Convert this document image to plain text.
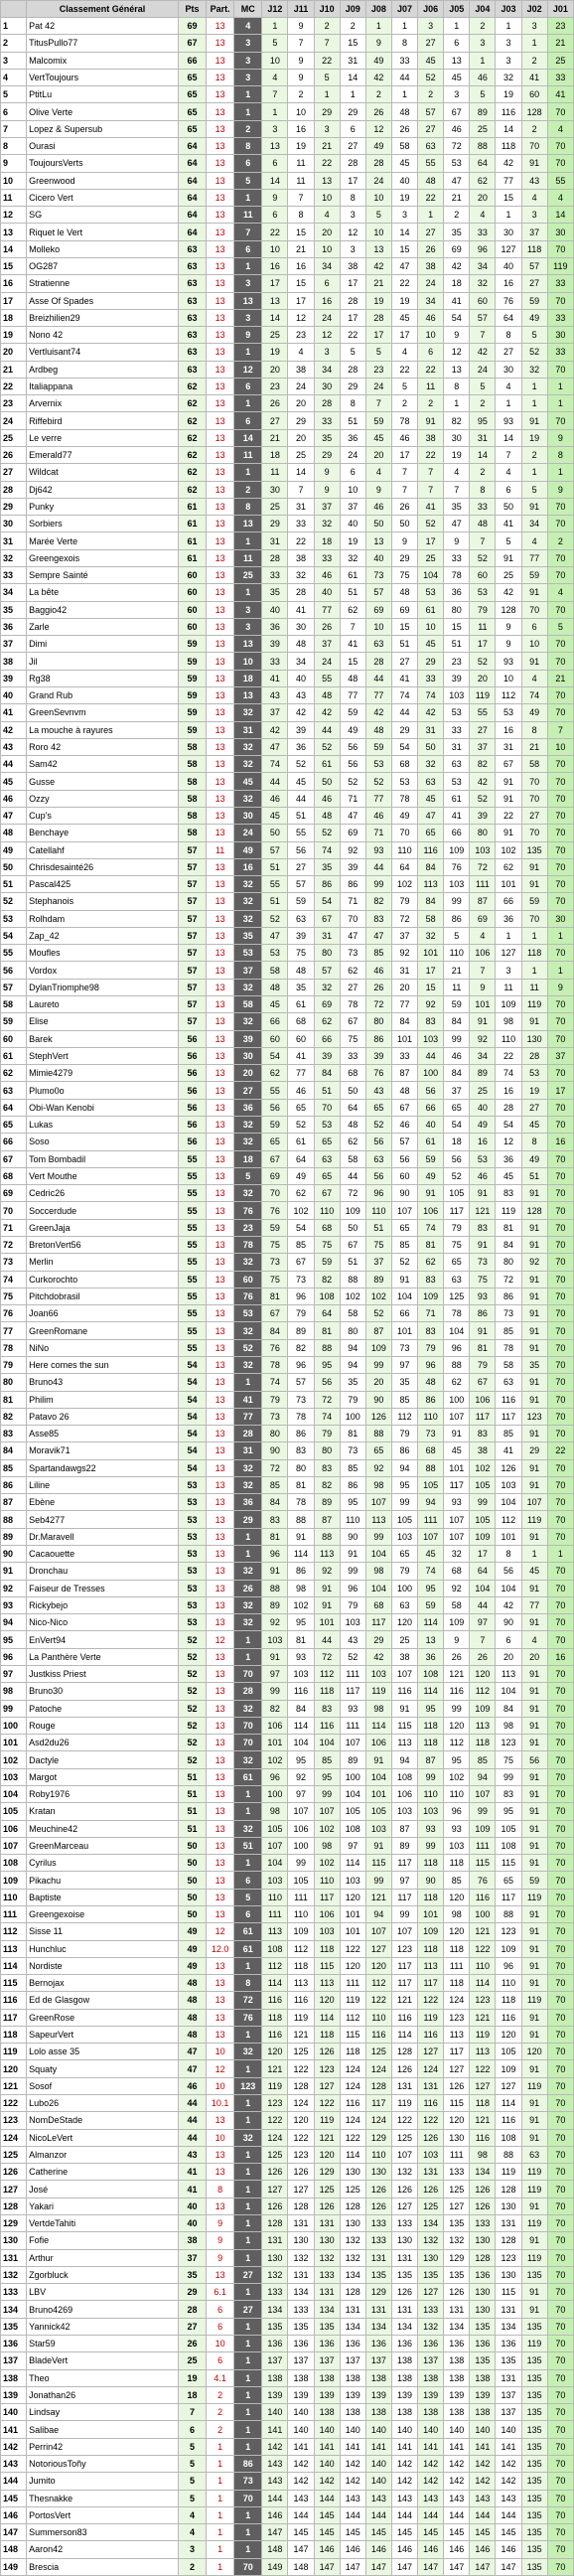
	Classement Général	Pts	Part.	MC	J12	J11	J10	J09	J08	J07	J06	J05	J04	J03	J02	J01
1	Pat 42	69	13	4	1	9	2	2	1	1	3	1	2	1	3	23
2	TitusPullo77	67	13	3	5	7	7	15	9	8	27	6	3	3	1	21
3	Malcomix	66	13	3	10	9	22	31	49	33	45	13	1	3	2	25
4	VertToujours	65	13	3	4	9	5	14	42	44	52	45	46	32	41	33
5	PtitLu	65	13	1	7	2	1	1	2	1	2	3	5	19	60	41
6	Olive Verte	65	13	1	1	10	29	29	26	48	57	67	89	116	128	70
7	Lopez & Supersub	65	13	2	3	16	3	6	12	26	27	46	25	14	2	4
8	Ourasi	64	13	8	13	19	21	27	49	58	63	72	88	118	70	70
9	ToujoursVerts	64	13	6	6	11	22	28	28	45	55	53	64	42	91	70
10	Greenwood	64	13	5	14	11	13	17	24	40	48	47	62	77	43	55
11	Cicero Vert	64	13	1	9	7	10	8	10	19	22	21	20	15	4	4
12	SG	64	13	11	6	8	4	3	5	3	1	2	4	1	3	14
13	Riquet le Vert	64	13	7	22	15	20	12	10	14	27	35	33	30	37	30
14	Molleko	63	13	6	10	21	10	3	13	15	26	69	96	127	118	70
15	OG287	63	13	1	16	16	34	38	42	47	38	42	34	40	57	119
16	Stratienne	63	13	3	17	15	6	17	21	22	24	18	32	16	27	33
17	Asse Of Spades	63	13	13	13	17	16	28	19	19	34	41	60	76	59	70
18	Breizhilien29	63	13	3	14	12	24	17	28	45	46	54	57	64	49	33
19	Nono 42	63	13	9	25	23	12	22	17	17	10	9	7	8	5	30
20	Vertluisant74	63	13	1	19	4	3	5	5	4	6	12	42	27	52	33
21	Ardbeg	63	13	12	20	38	34	28	23	22	22	13	24	30	32	70
22	Italiappana	62	13	6	23	24	30	29	24	5	11	8	5	4	1	1
23	Arvernix	62	13	1	26	20	28	8	7	2	2	1	2	1	1	1
24	Riffebird	62	13	6	27	29	33	51	59	78	91	82	95	93	91	70
25	Le verre	62	13	14	21	20	35	36	45	46	38	30	31	14	19	9
26	Emerald77	62	13	11	18	25	29	24	20	17	22	19	14	7	2	8
27	Wildcat	62	13	1	11	14	9	6	4	7	7	4	2	4	1	1
28	Dj642	62	13	2	30	7	9	10	9	7	7	7	8	6	5	9
29	Punky	61	13	8	25	31	37	37	46	26	41	35	33	50	91	70
30	Sorbiers	61	13	13	29	33	32	40	50	50	52	47	48	41	34	70
31	Marée Verte	61	13	1	31	22	18	19	13	9	17	9	7	5	4	2
32	Greengexois	61	13	11	28	38	33	32	40	29	25	33	52	91	77	70
33	Sempre Sainté	60	13	25	33	32	46	61	73	75	104	78	60	25	59	70
34	La bête	60	13	1	35	28	40	51	57	48	53	36	53	42	91	4
35	Baggio42	60	13	3	40	41	77	62	69	69	61	80	79	128	70	70
36	Zarle	60	13	3	36	30	26	7	10	15	10	15	11	9	6	5
37	Dimi	59	13	13	39	48	37	41	63	51	45	51	17	9	10	70
38	Jil	59	13	10	33	34	24	15	28	27	29	23	52	93	91	70
39	Rg38	59	13	18	41	40	55	48	44	41	33	39	20	10	4	21
40	Grand Rub	59	13	13	43	43	48	77	77	74	74	103	119	112	74	70
41	GreenSevnvm	59	13	32	37	42	42	59	42	44	42	53	55	53	49	70
42	La mouche à rayures	59	13	31	42	39	44	49	48	29	31	33	27	16	8	7
43	Roro 42	58	13	32	47	36	52	56	59	54	50	31	37	31	21	10
44	Sam42	58	13	32	74	52	61	56	53	68	32	63	82	67	58	70
45	Gusse	58	13	45	44	45	50	52	52	53	63	53	42	91	70	70
46	Ozzy	58	13	32	46	44	46	71	77	78	45	61	52	91	70	70
47	Cup's	58	13	30	45	51	48	47	46	49	47	41	39	22	27	70
48	Benchaye	58	13	24	50	55	52	69	71	70	65	66	80	91	70	70
49	Catellahf	57	11	49	57	56	74	92	93	110	116	109	103	102	135	70
50	Chrisdesainté26	57	13	16	51	27	35	39	44	64	84	76	72	62	91	70
51	Pascal425	57	13	32	55	57	86	86	99	102	113	103	111	101	91	70
52	Stephanois	57	13	32	51	59	54	71	82	79	84	99	87	66	59	70
53	Rolhdam	57	13	32	52	63	67	70	83	72	58	86	69	36	70	30
54	Zap_42	57	13	35	47	39	31	47	47	37	32	5	4	1	1	1
55	Moufles	57	13	53	53	75	80	73	85	92	101	110	106	127	118	70
56	Vordox	57	13	37	58	48	57	62	46	31	17	21	7	3	1	1
57	DylanTriomphe98	57	13	32	48	35	32	27	26	20	15	11	9	11	11	9
58	Laureto	57	13	58	45	61	69	78	72	77	92	59	101	109	119	70
59	Elise	57	13	32	66	68	62	67	80	84	83	84	91	98	91	70
60	Barek	56	13	39	60	60	66	75	86	101	103	99	92	110	130	70
61	StephVert	56	13	30	54	41	39	33	39	33	44	46	34	22	28	37
62	Mimie4279	56	13	20	62	77	84	68	76	87	100	84	89	74	53	70
63	Plumo0o	56	13	27	55	46	51	50	43	48	56	37	25	16	19	17
64	Obi-Wan Kenobi	56	13	36	56	65	70	64	65	67	66	65	40	28	27	70
65	Lukas	56	13	32	59	52	53	48	52	46	40	54	49	54	45	70
66	Soso	56	13	32	65	61	65	62	56	57	61	18	16	12	8	16
67	Tom Bombadil	55	13	18	67	64	63	58	63	56	59	56	53	36	49	70
68	Vert Mouthe	55	13	5	69	49	65	44	56	60	49	52	46	45	51	70
69	Cedric26	55	13	32	70	62	67	72	96	90	91	105	91	83	91	70
70	Soccerdude	55	13	76	76	102	110	109	110	107	106	117	121	119	128	70
71	GreenJaja	55	13	23	59	54	68	50	51	65	74	79	83	81	91	70
72	BretonVert56	55	13	78	75	85	75	67	75	85	81	75	91	84	91	70
73	Merlin	55	13	32	73	67	59	51	37	52	62	65	73	80	92	70
74	Curkorochto	55	13	60	75	73	82	88	89	91	83	63	75	72	91	70
75	Pitchdobrasil	55	13	76	81	96	108	102	102	104	109	125	93	86	91	70
76	Joan66	55	13	53	67	79	64	58	52	66	71	78	86	73	91	70
77	GreenRomane	55	13	32	84	89	81	80	87	101	83	104	91	85	91	70
78	NiNo	55	13	52	76	82	88	94	109	73	79	96	81	78	91	70
79	Here comes the sun	54	13	32	78	96	95	94	99	97	96	88	79	58	35	70
80	Bruno43	54	13	1	74	57	56	35	20	35	48	62	67	63	91	70
81	Philim	54	13	41	79	73	72	79	90	85	86	100	106	116	91	70
82	Patavo 26	54	13	77	73	78	74	100	126	112	110	107	117	117	123	70
83	Asse85	54	13	28	80	86	79	81	88	79	73	91	83	85	91	70
84	Moravik71	54	13	31	90	83	80	73	65	86	68	45	38	41	29	22
85	Spartandawgs22	54	13	32	72	80	83	85	92	94	88	101	102	126	91	70
86	Liline	53	13	32	85	81	82	86	98	95	105	117	105	103	91	70
87	Ebène	53	13	36	84	78	89	95	107	99	94	93	99	104	107	70
88	Seb4277	53	13	29	83	88	87	110	113	105	111	107	105	112	119	70
89	Dr.Maravell	53	13	1	81	91	88	90	99	103	107	107	109	101	91	70
90	Cacaouette	53	13	1	96	114	113	91	104	65	45	32	17	8	1	1
91	Dronchau	53	13	32	91	86	92	99	98	79	74	68	64	56	45	70
92	Faiseur de Tresses	53	13	26	88	98	91	96	104	100	95	92	104	104	91	70
93	Rickybejo	53	13	32	89	102	91	79	68	63	59	58	44	42	77	70
94	Nico-Nico	53	13	32	92	95	101	103	117	120	114	109	97	90	91	70
95	EnVert94	52	12	1	103	81	44	43	29	25	13	9	7	6	4	70
96	La Panthère Verte	52	13	1	91	93	72	52	42	38	36	26	26	20	20	16
97	Justkiss Priest	52	13	70	97	103	112	111	103	107	108	121	120	113	91	70
98	Bruno30	52	13	28	99	116	118	117	119	116	114	116	112	104	91	70
99	Patoche	52	13	32	82	84	83	93	98	91	95	99	109	84	91	70
100	Rouge	52	13	70	106	114	116	111	114	115	118	120	113	98	91	70
101	Asd2du26	52	13	70	101	104	104	107	106	113	118	112	118	123	91	70
102	Dactyle	52	13	32	102	95	85	89	91	94	87	95	85	75	56	70
103	Margot	51	13	61	96	92	95	100	104	108	99	102	94	99	91	70
104	Roby1976	51	13	1	100	97	99	104	101	106	110	110	107	83	91	70
105	Kratan	51	13	1	98	107	107	105	105	103	103	96	99	95	91	70
106	Meuchine42	51	13	32	105	106	102	108	103	87	93	93	109	105	91	70
107	GreenMarceau	50	13	51	107	100	98	97	91	89	99	103	111	108	91	70
108	Cyrilus	50	13	1	104	99	102	114	115	117	118	118	115	115	91	70
109	Pikachu	50	13	6	103	105	110	103	99	97	90	85	76	65	59	70
110	Baptiste	50	13	5	110	111	117	120	121	117	118	120	116	117	119	70
111	Greengexoise	50	13	6	111	110	106	101	94	99	101	98	100	88	91	70
112	Sisse 11	49	12	61	113	109	103	101	107	107	109	120	121	123	91	70
113	Hunchluc	49	12.0	61	108	112	118	122	127	123	118	118	122	109	91	70
114	Nordiste	49	13	1	112	118	115	120	120	117	113	111	110	96	91	70
115	Bernojax	48	13	8	114	113	113	111	112	117	117	118	114	110	91	70
116	Ed de Glasgow	48	13	72	116	116	120	119	122	121	122	124	123	118	119	70
117	GreenRose	48	13	76	118	119	114	112	110	116	119	123	121	116	91	70
118	SapeurVert	48	13	1	116	121	118	115	116	114	116	113	119	120	91	70
119	Lolo asse 35	47	10	32	120	125	126	118	125	128	127	117	113	105	120	70
120	Squaty	47	12	1	121	122	123	124	124	126	124	127	122	109	91	70
121	Sosof	46	10	123	119	128	127	124	128	131	131	126	127	127	119	70
122	Lubo26	44	10.1	1	123	124	122	116	117	119	116	115	118	114	91	70
123	NomDeStade	44	13	1	122	120	119	124	124	122	122	120	121	116	91	70
124	NicoLeVert	44	10	32	124	122	121	122	129	125	126	130	116	108	91	70
125	Almanzor	43	13	1	125	123	120	114	110	107	103	111	98	88	63	70
126	Catherine	41	13	1	126	126	129	130	130	132	131	133	134	119	119	70
127	José	41	8	1	127	127	125	125	126	126	126	125	126	128	119	70
128	Yakari	40	13	1	126	128	126	128	126	127	125	127	126	130	91	70
129	VertdeTahiti	40	9	1	128	131	131	130	133	133	134	135	133	131	119	70
130	Fofie	38	9	1	131	130	130	132	133	130	132	132	130	128	91	70
131	Arthur	37	9	1	130	132	132	132	131	131	130	129	128	123	119	70
132	Zgorbluck	35	13	27	132	131	133	134	135	135	135	135	136	130	135	70
133	LBV	29	6.1	1	133	134	131	128	129	126	127	126	130	115	91	70
134	Bruno4269	28	6	27	134	133	134	131	131	131	133	131	130	131	91	70
135	Yannick42	27	6	1	135	135	135	134	134	134	132	134	135	134	135	70
136	Star59	26	10	1	136	136	136	136	136	136	136	136	136	136	119	70
137	BladeVert	25	6	1	137	137	137	137	137	138	137	138	135	135	135	70
138	Theo	19	4.1	1	138	138	138	138	138	138	138	138	138	131	135	70
139	Jonathan26	18	2	1	139	139	139	139	139	139	139	139	139	137	135	70
140	Lindsay	7	2	1	140	140	138	138	138	138	138	138	138	137	135	70
141	Salibae	6	2	1	141	140	140	140	140	140	140	140	140	140	135	70
142	Perrin42	5	1	1	142	141	141	141	141	141	141	141	141	141	135	70
143	NotoriousToñy	5	1	86	143	142	140	142	140	142	142	142	142	142	135	70
144	Jumito	5	1	73	143	142	142	142	140	142	142	142	142	142	135	70
145	Thesnakke	5	1	70	144	143	144	143	143	143	143	143	143	143	135	70
146	PortosVert	4	1	1	146	144	145	144	144	144	144	144	144	144	135	70
147	Summerson83	4	1	1	147	145	145	145	145	145	145	145	145	145	135	70
148	Aaron42	3	1	1	148	147	146	146	146	146	146	146	146	146	135	70
149	Brescia	2	1	70	149	148	147	147	147	147	147	147	147	147	135	70
